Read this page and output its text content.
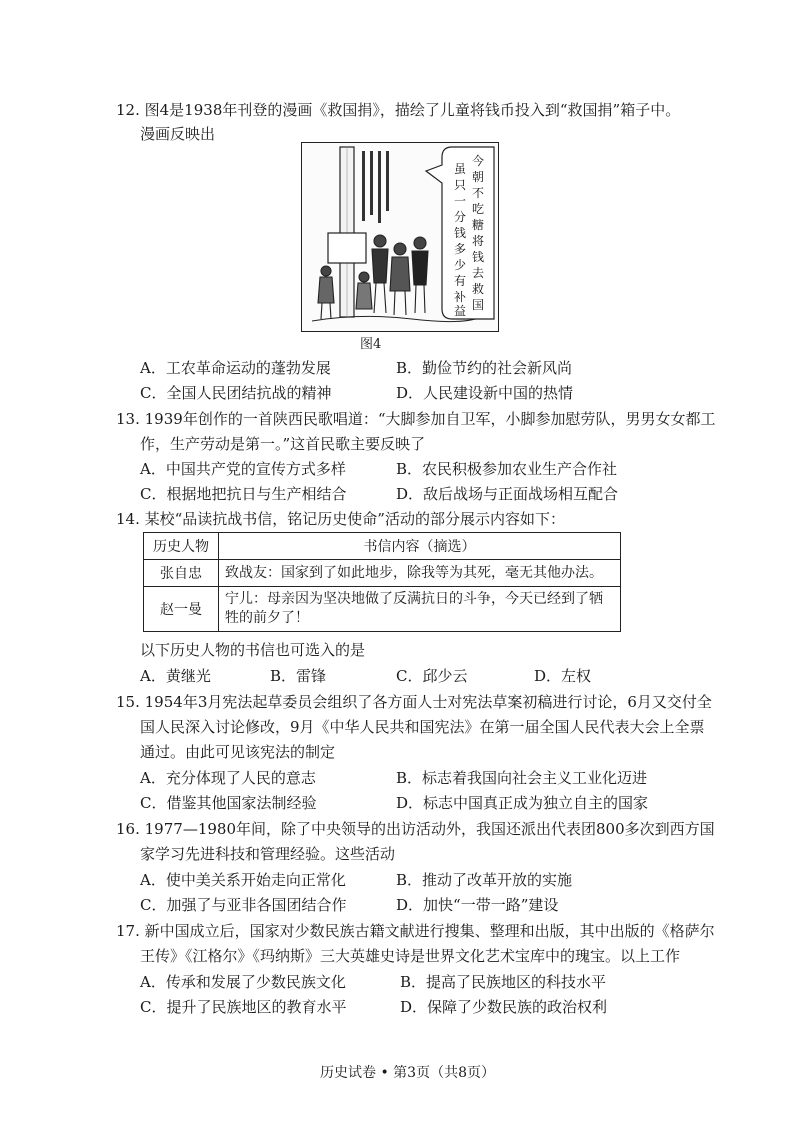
12. 图4是1938年刊登的漫画《救国捐》，描绘了儿童将钱币投入到“救国捐”箱子中。
漫画反映出
今
朝
不
吃
糖
将
钱
去
救
国
虽
只
一
分
钱
多
少
有
补
益
图4
A．工农革命运动的蓬勃发展	B．勤俭节约的社会新风尚
C．全国人民团结抗战的精神	D．人民建设新中国的热情
13. 1939年创作的一首陕西民歌唱道：“大脚参加自卫军，小脚参加慰劳队，男男女女都工
作，生产劳动是第一。”这首民歌主要反映了
A．中国共产党的宣传方式多样	B．农民积极参加农业生产合作社
C．根据地把抗日与生产相结合	D．敌后战场与正面战场相互配合
14. 某校“品读抗战书信，铭记历史使命”活动的部分展示内容如下：
历史人物	书信内容（摘选）
张自忠	致战友：国家到了如此地步，除我等为其死，毫无其他办法。
赵一曼	宁儿：母亲因为坚决地做了反满抗日的斗争，今天已经到了牺牲的前夕了！
以下历史人物的书信也可选入的是
A．黄继光	B．雷锋	C．邱少云	D．左权
15. 1954年3月宪法起草委员会组织了各方面人士对宪法草案初稿进行讨论，6月又交付全
国人民深入讨论修改，9月《中华人民共和国宪法》在第一届全国人民代表大会上全票
通过。由此可见该宪法的制定
A．充分体现了人民的意志	B．标志着我国向社会主义工业化迈进
C．借鉴其他国家法制经验	D．标志中国真正成为独立自主的国家
16. 1977—1980年间，除了中央领导的出访活动外，我国还派出代表团800多次到西方国
家学习先进科技和管理经验。这些活动
A．使中美关系开始走向正常化	B．推动了改革开放的实施
C．加强了与亚非各国团结合作	D．加快“一带一路”建设
17. 新中国成立后，国家对少数民族古籍文献进行搜集、整理和出版，其中出版的《格萨尔
王传》《江格尔》《玛纳斯》三大英雄史诗是世界文化艺术宝库中的瑰宝。以上工作
A．传承和发展了少数民族文化	B．提高了民族地区的科技水平
C．提升了民族地区的教育水平	D．保障了少数民族的政治权利
历史试卷 • 第3页（共8页）
